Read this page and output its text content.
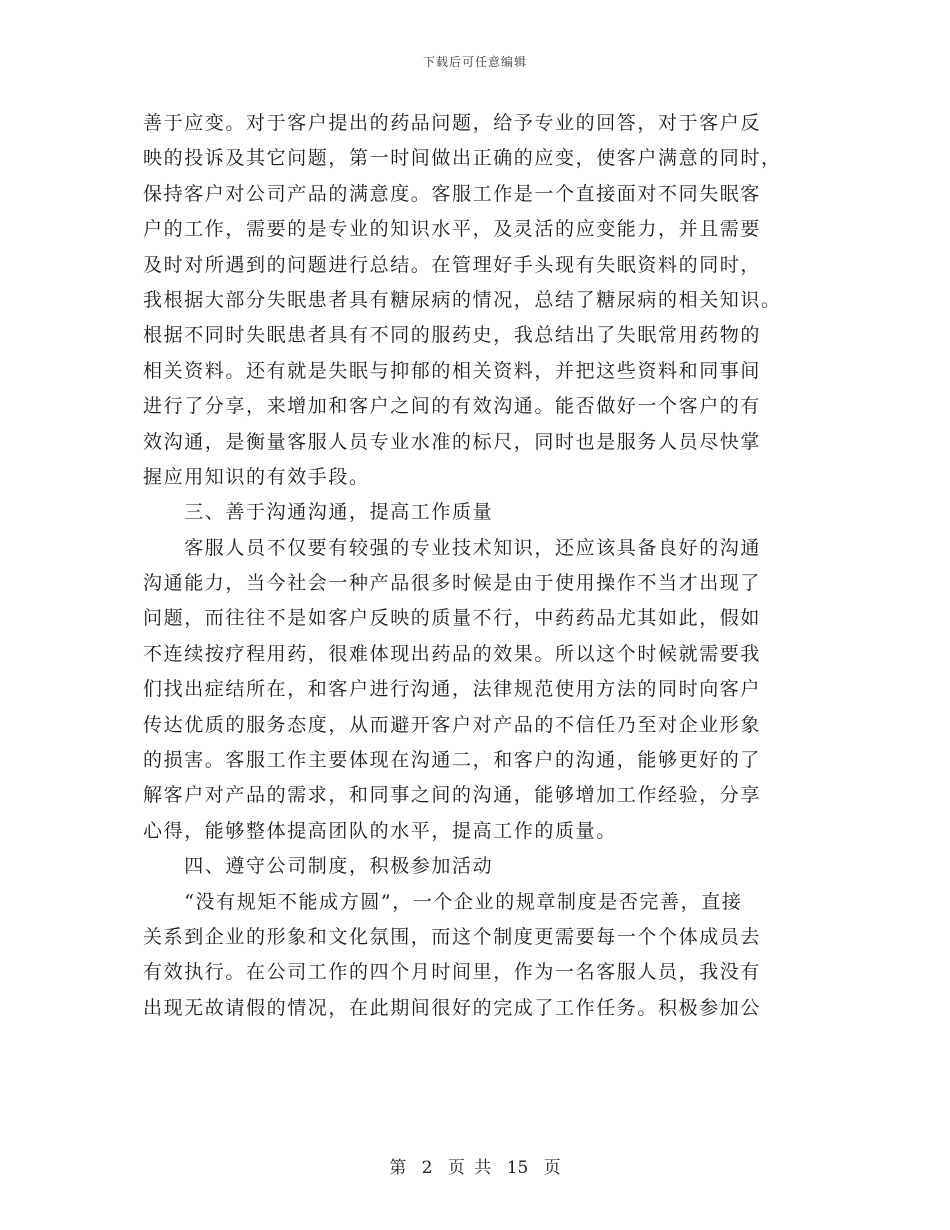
下载后可任意编辑
善于应变。对于客户提出的药品问题，给予专业的回答，对于客户反
映的投诉及其它问题，第一时间做出正确的应变，使客户满意的同时，
保持客户对公司产品的满意度。客服工作是一个直接面对不同失眠客
户的工作，需要的是专业的知识水平，及灵活的应变能力，并且需要
及时对所遇到的问题进行总结。在管理好手头现有失眠资料的同时，
我根据大部分失眠患者具有糖尿病的情况，总结了糖尿病的相关知识。
根据不同时失眠患者具有不同的服药史，我总结出了失眠常用药物的
相关资料。还有就是失眠与抑郁的相关资料，并把这些资料和同事间
进行了分享，来增加和客户之间的有效沟通。能否做好一个客户的有
效沟通，是衡量客服人员专业水准的标尺，同时也是服务人员尽快掌
握应用知识的有效手段。
　　三、善于沟通沟通，提高工作质量
　　客服人员不仅要有较强的专业技术知识，还应该具备良好的沟通
沟通能力，当今社会一种产品很多时候是由于使用操作不当才出现了
问题，而往往不是如客户反映的质量不行，中药药品尤其如此，假如
不连续按疗程用药，很难体现出药品的效果。所以这个时候就需要我
们找出症结所在，和客户进行沟通，法律规范使用方法的同时向客户
传达优质的服务态度，从而避开客户对产品的不信任乃至对企业形象
的损害。客服工作主要体现在沟通二，和客户的沟通，能够更好的了
解客户对产品的需求，和同事之间的沟通，能够增加工作经验，分享
心得，能够整体提高团队的水平，提高工作的质量。
　　四、遵守公司制度，积极参加活动
　　“没有规矩不能成方圆”，一个企业的规章制度是否完善，直接
关系到企业的形象和文化氛围，而这个制度更需要每一个个体成员去
有效执行。在公司工作的四个月时间里，作为一名客服人员，我没有
出现无故请假的情况，在此期间很好的完成了工作任务。积极参加公
第 2 页 共 15 页
